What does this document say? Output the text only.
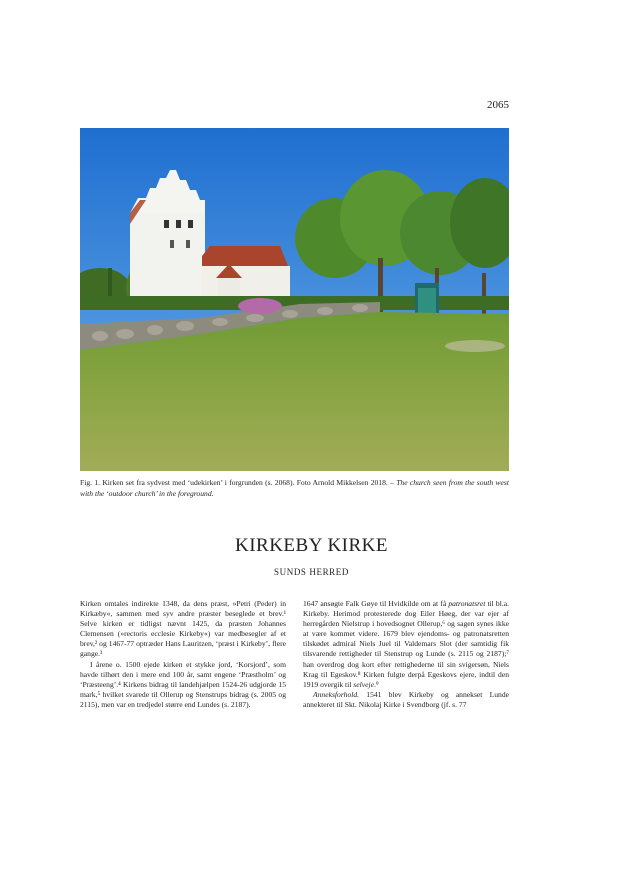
2065
Fig. 1. Kirken set fra sydvest med ‘udekirken’ i forgrunden (s. 2068). Foto Arnold Mikkelsen 2018. – The church seen from the south west with the ‘outdoor church’ in the foreground.
KIRKEBY KIRKE
SUNDS HERRED

Kirken omtales indirekte 1348, da dens præst, »Petri (Peder) in Kirkæby«, sammen med syv andre præster beseglede et brev.¹ Selve kirken er tidligst nævnt 1425, da præsten Johannes Clemensen (»rectoris ecclesie Kirkeby«) var medbesegler af et brev,² og 1467-77 optræder Hans Lauritzen, ‘præst i Kirkeby’, flere gange.³

I årene o. 1500 ejede kirken et stykke jord, ‘Korsjord’, som havde tilhørt den i mere end 100 år, samt engene ‘Præstholm’ og ‘Præsteeng’.⁴ Kirkens bidrag til landehjælpen 1524-26 udgjorde 15 mark,⁵ hvilket svarede til Ollerup og Stenstrups bidrag (s. 2005 og 2115), men var en tredjedel større end Lundes (s. 2187).

1647 ansøgte Falk Gøye til Hvidkilde om at få patronatsret til bl.a. Kirkeby. Herimod protesterede dog Eiler Høeg, der var ejer af herregården Nielstrup i hovedsognet Ollerup,⁶ og sagen synes ikke at være kommet videre. 1679 blev ejendoms- og patronatsretten tilskødet admiral Niels Juel til Valdemars Slot (der samtidig fik tilsvarende rettigheder til Stenstrup og Lunde (s. 2115 og 2187);⁷ han overdrog dog kort efter rettighederne til sin svigersøn, Niels Krag til Egeskov.⁸ Kirken fulgte derpå Egeskovs ejere, indtil den 1919 overgik til selveje.⁹

Anneksforhold. 1541 blev Kirkeby og annekset Lunde annekteret til Skt. Nikolaj Kirke i Svendborg (jf. s. 77
